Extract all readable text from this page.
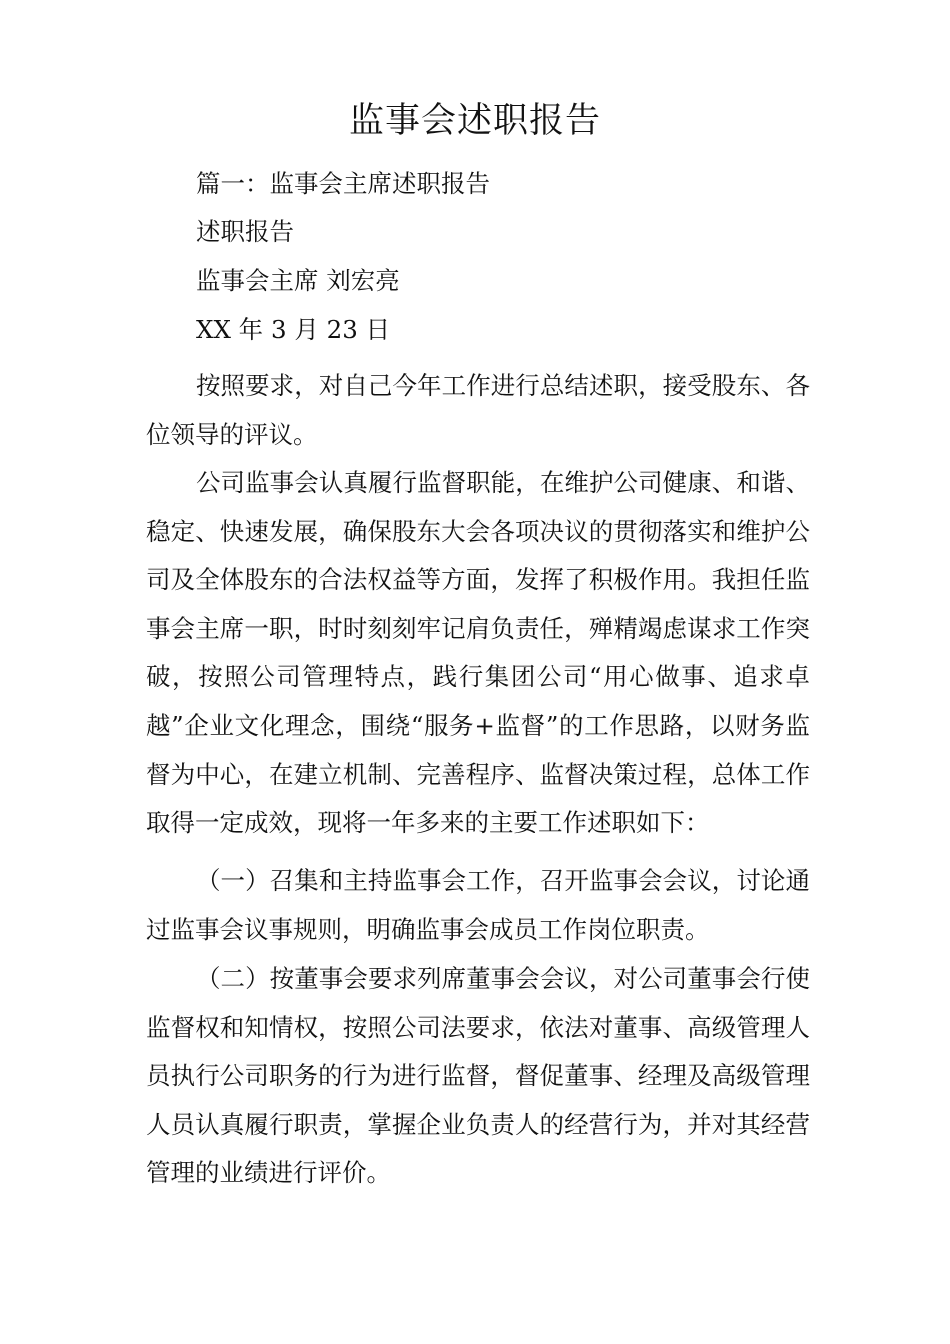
监事会述职报告
篇一：监事会主席述职报告
述职报告
监事会主席 刘宏亮
XX 年 3 月 23 日

按照要求，对自己今年工作进行总结述职，接受股东、各位领导的评议。

公司监事会认真履行监督职能，在维护公司健康、和谐、稳定、快速发展，确保股东大会各项决议的贯彻落实和维护公司及全体股东的合法权益等方面，发挥了积极作用。我担任监事会主席一职，时时刻刻牢记肩负责任，殚精竭虑谋求工作突破，按照公司管理特点，践行集团公司“用心做事、追求卓越”企业文化理念，围绕“服务+监督”的工作思路，以财务监督为中心，在建立机制、完善程序、监督决策过程，总体工作取得一定成效，现将一年多来的主要工作述职如下：

（一）召集和主持监事会工作，召开监事会会议，讨论通过监事会议事规则，明确监事会成员工作岗位职责。

（二）按董事会要求列席董事会会议，对公司董事会行使监督权和知情权，按照公司法要求，依法对董事、高级管理人员执行公司职务的行为进行监督，督促董事、经理及高级管理人员认真履行职责，掌握企业负责人的经营行为，并对其经营管理的业绩进行评价。
